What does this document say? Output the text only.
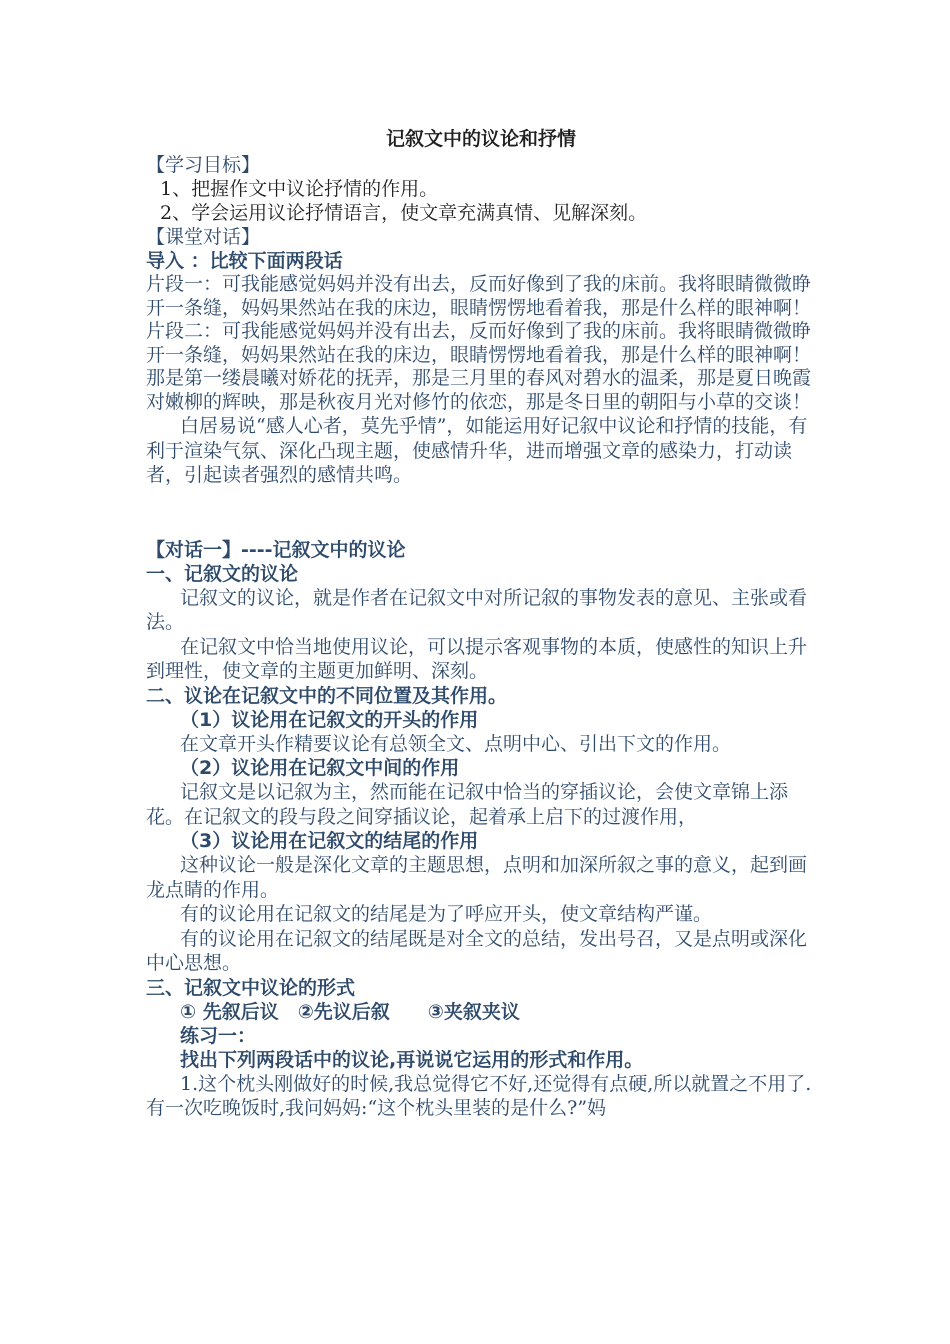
记叙文中的议论和抒情
【学习目标】
1、把握作文中议论抒情的作用。
2、学会运用议论抒情语言，使文章充满真情、见解深刻。
【课堂对话】
导入 ：比较下面两段话
片段一：可我能感觉妈妈并没有出去，反而好像到了我的床前。我将眼睛微微睁开一条缝，妈妈果然站在我的床边，眼睛愣愣地看着我，那是什么样的眼神啊！
片段二：可我能感觉妈妈并没有出去，反而好像到了我的床前。我将眼睛微微睁开一条缝，妈妈果然站在我的床边，眼睛愣愣地看着我，那是什么样的眼神啊！那是第一缕晨曦对娇花的抚弄，那是三月里的春风对碧水的温柔，那是夏日晚霞对嫩柳的辉映，那是秋夜月光对修竹的依恋，那是冬日里的朝阳与小草的交谈！
白居易说“感人心者，莫先乎情”，如能运用好记叙中议论和抒情的技能，有利于渲染气氛、深化凸现主题，使感情升华，进而增强文章的感染力，打动读者，引起读者强烈的感情共鸣。
【对话一】----记叙文中的议论
一、记叙文的议论
记叙文的议论，就是作者在记叙文中对所记叙的事物发表的意见、主张或看法。
在记叙文中恰当地使用议论，可以提示客观事物的本质，使感性的知识上升到理性，使文章的主题更加鲜明、深刻。
二、议论在记叙文中的不同位置及其作用。
（1）议论用在记叙文的开头的作用
在文章开头作精要议论有总领全文、点明中心、引出下文的作用。
（2）议论用在记叙文中间的作用
记叙文是以记叙为主，然而能在记叙中恰当的穿插议论，会使文章锦上添花。在记叙文的段与段之间穿插议论，起着承上启下的过渡作用，
（3）议论用在记叙文的结尾的作用
这种议论一般是深化文章的主题思想，点明和加深所叙之事的意义，起到画龙点睛的作用。
有的议论用在记叙文的结尾是为了呼应开头，使文章结构严谨。
有的议论用在记叙文的结尾既是对全文的总结，发出号召，又是点明或深化中心思想。
三、记叙文中议论的形式
① 先叙后议　②先议后叙　　③夹叙夹议
练习一：
找出下列两段话中的议论,再说说它运用的形式和作用。
1.这个枕头刚做好的时候,我总觉得它不好,还觉得有点硬,所以就置之不用了.有一次吃晚饭时,我问妈妈:“这个枕头里装的是什么?”妈
